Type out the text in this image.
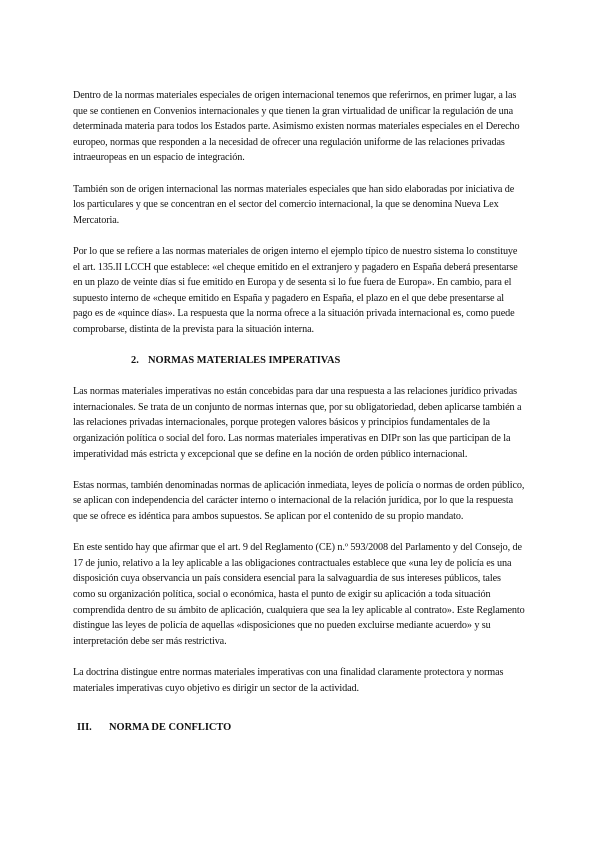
Dentro de la normas materiales especiales de origen internacional tenemos que referirnos, en primer lugar, a las que se contienen en Convenios internacionales y que tienen la gran virtualidad de unificar la regulación de una determinada materia para todos los Estados parte. Asimismo existen normas materiales especiales en el Derecho europeo, normas que responden a la necesidad de ofrecer una regulación uniforme de las relaciones privadas intraeuropeas en un espacio de integración.

También son de origen internacional las normas materiales especiales que han sido elaboradas por iniciativa de los particulares y que se concentran en el sector del comercio internacional, la que se denomina Nueva Lex Mercatoria.

Por lo que se refiere a las normas materiales de origen interno el ejemplo típico de nuestro sistema lo constituye el art. 135.II LCCH que establece: «el cheque emitido en el extranjero y pagadero en España deberá presentarse en un plazo de veinte días si fue emitido en Europa y de sesenta si lo fue fuera de Europa». En cambio, para el supuesto interno de «cheque emitido en España y pagadero en España, el plazo en el que debe presentarse al pago es de «quince días». La respuesta que la norma ofrece a la situación privada internacional es, como puede comprobarse, distinta de la prevista para la situación interna.

2. NORMAS MATERIALES IMPERATIVAS

Las normas materiales imperativas no están concebidas para dar una respuesta a las relaciones jurídico privadas internacionales. Se trata de un conjunto de normas internas que, por su obligatoriedad, deben aplicarse también a las relaciones privadas internacionales, porque protegen valores básicos y principios fundamentales de la organización política o social del foro. Las normas materiales imperativas en DIPr son las que participan de la imperatividad más estricta y excepcional que se define en la noción de orden público internacional.

Estas normas, también denominadas normas de aplicación inmediata, leyes de policía o normas de orden público, se aplican con independencia del carácter interno o internacional de la relación jurídica, por lo que la respuesta que se ofrece es idéntica para ambos supuestos. Se aplican por el contenido de su propio mandato.

En este sentido hay que afirmar que el art. 9 del Reglamento (CE) n.º 593/2008 del Parlamento y del Consejo, de 17 de junio, relativo a la ley aplicable a las obligaciones contractuales establece que «una ley de policía es una disposición cuya observancia un país considera esencial para la salvaguardia de sus intereses públicos, tales como su organización política, social o económica, hasta el punto de exigir su aplicación a toda situación comprendida dentro de su ámbito de aplicación, cualquiera que sea la ley aplicable al contrato». Este Reglamento distingue las leyes de policía de aquellas «disposiciones que no pueden excluirse mediante acuerdo» y su interpretación debe ser más restrictiva.

La doctrina distingue entre normas materiales imperativas con una finalidad claramente protectora y normas materiales imperativas cuyo objetivo es dirigir un sector de la actividad.

III. NORMA DE CONFLICTO
